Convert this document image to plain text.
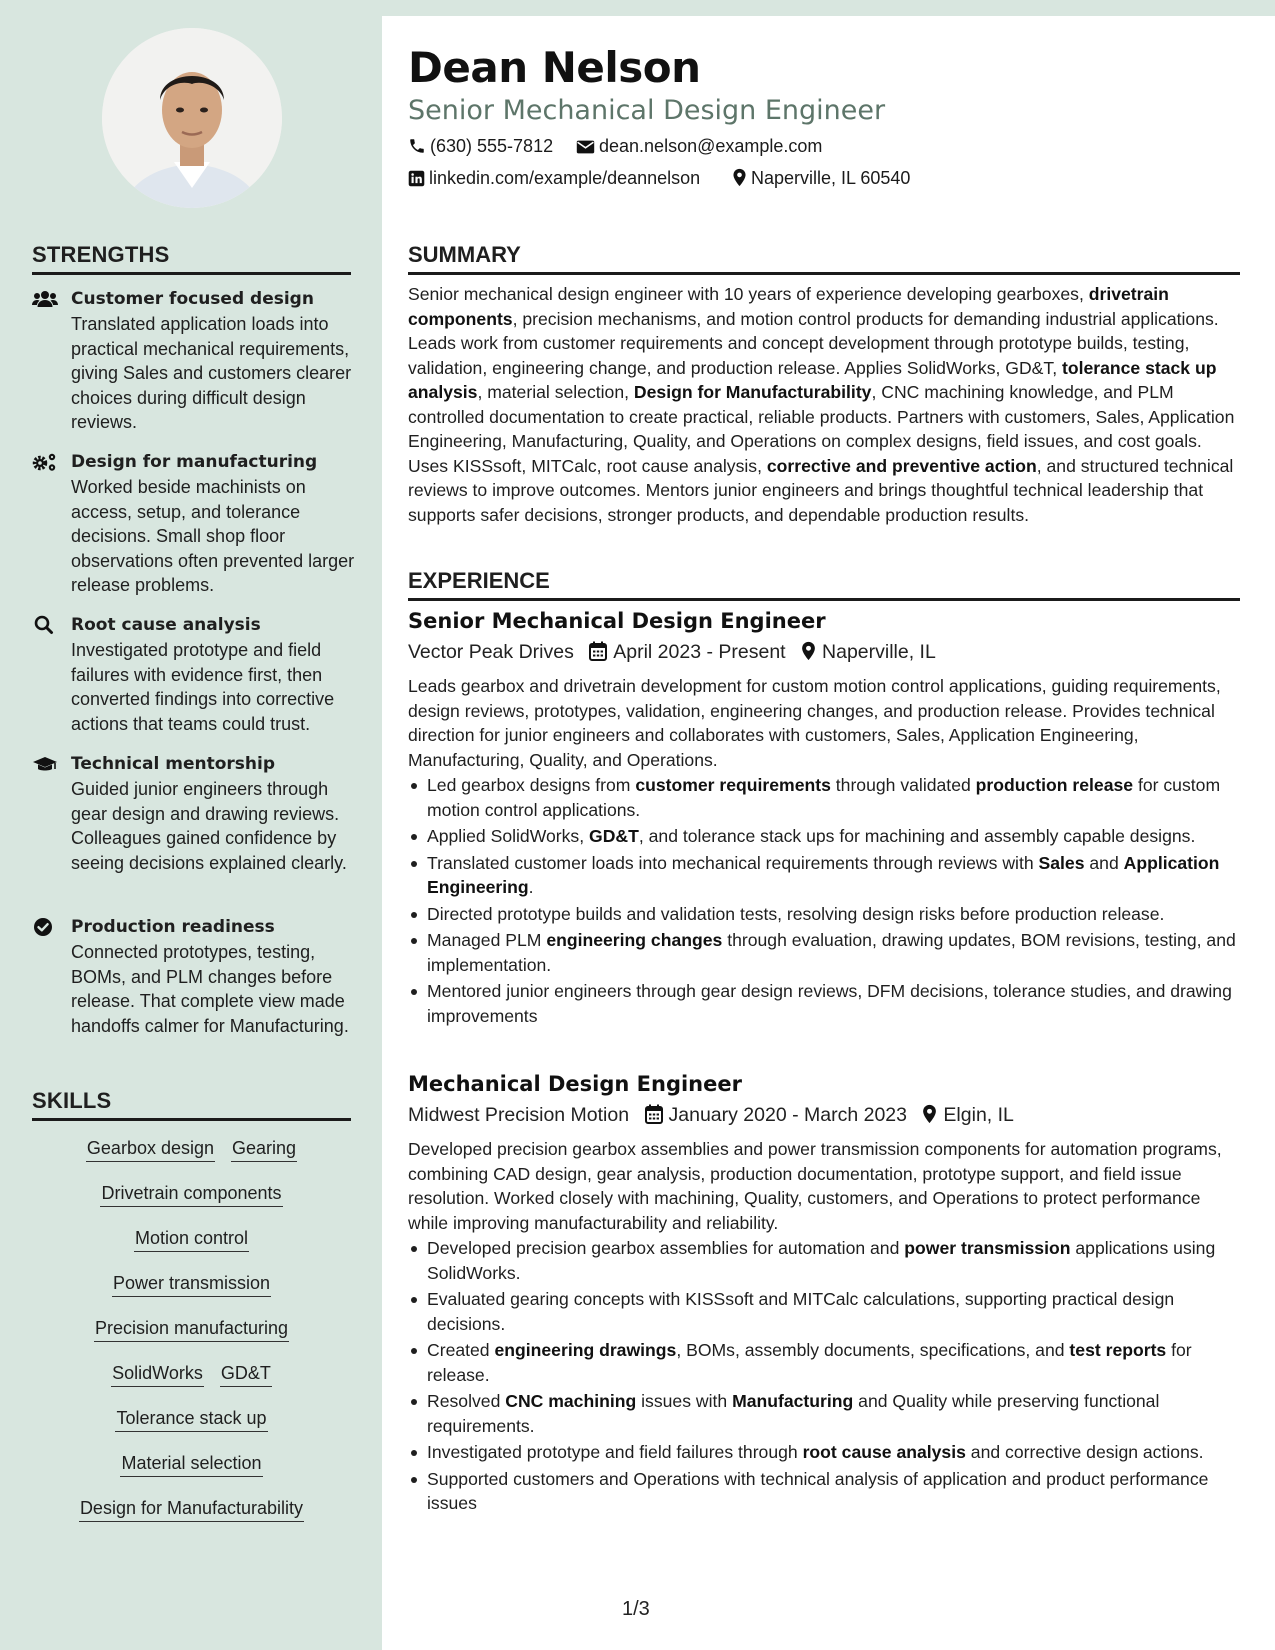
Dean Nelson
Senior Mechanical Design Engineer
(630) 555-7812	dean.nelson@example.com
linkedin.com/example/deannelson	Naperville, IL 60540
STRENGTHS
Customer focused design
Translated application loads into practical mechanical requirements, giving Sales and customers clearer choices during difficult design reviews.
Design for manufacturing
Worked beside machinists on access, setup, and tolerance decisions. Small shop floor observations often prevented larger release problems.
Root cause analysis
Investigated prototype and field failures with evidence first, then converted findings into corrective actions that teams could trust.
Technical mentorship
Guided junior engineers through gear design and drawing reviews. Colleagues gained confidence by seeing decisions explained clearly.
Production readiness
Connected prototypes, testing, BOMs, and PLM changes before release. That complete view made handoffs calmer for Manufacturing.
SKILLS
Gearbox design Gearing
Drivetrain components
Motion control
Power transmission
Precision manufacturing
SolidWorks GD&T
Tolerance stack up
Material selection
Design for Manufacturability
SUMMARY
Senior mechanical design engineer with 10 years of experience developing gearboxes, drivetrain components, precision mechanisms, and motion control products for demanding industrial applications. Leads work from customer requirements and concept development through prototype builds, testing, validation, engineering change, and production release. Applies SolidWorks, GD&T, tolerance stack up analysis, material selection, Design for Manufacturability, CNC machining knowledge, and PLM controlled documentation to create practical, reliable products. Partners with customers, Sales, Application Engineering, Manufacturing, Quality, and Operations on complex designs, field issues, and cost goals. Uses KISSsoft, MITCalc, root cause analysis, corrective and preventive action, and structured technical reviews to improve outcomes. Mentors junior engineers and brings thoughtful technical leadership that supports safer decisions, stronger products, and dependable production results.
EXPERIENCE
Senior Mechanical Design Engineer
Vector Peak Drives April 2023 - Present Naperville, IL
Leads gearbox and drivetrain development for custom motion control applications, guiding requirements, design reviews, prototypes, validation, engineering changes, and production release. Provides technical direction for junior engineers and collaborates with customers, Sales, Application Engineering, Manufacturing, Quality, and Operations.
Led gearbox designs from customer requirements through validated production release for custom motion control applications.
Applied SolidWorks, GD&T, and tolerance stack ups for machining and assembly capable designs.
Translated customer loads into mechanical requirements through reviews with Sales and Application Engineering.
Directed prototype builds and validation tests, resolving design risks before production release.
Managed PLM engineering changes through evaluation, drawing updates, BOM revisions, testing, and implementation.
Mentored junior engineers through gear design reviews, DFM decisions, tolerance studies, and drawing improvements
Mechanical Design Engineer
Midwest Precision Motion January 2020 - March 2023 Elgin, IL
Developed precision gearbox assemblies and power transmission components for automation programs, combining CAD design, gear analysis, production documentation, prototype support, and field issue resolution. Worked closely with machining, Quality, customers, and Operations to protect performance while improving manufacturability and reliability.
Developed precision gearbox assemblies for automation and power transmission applications using SolidWorks.
Evaluated gearing concepts with KISSsoft and MITCalc calculations, supporting practical design decisions.
Created engineering drawings, BOMs, assembly documents, specifications, and test reports for release.
Resolved CNC machining issues with Manufacturing and Quality while preserving functional requirements.
Investigated prototype and field failures through root cause analysis and corrective design actions.
Supported customers and Operations with technical analysis of application and product performance issues
1/3
